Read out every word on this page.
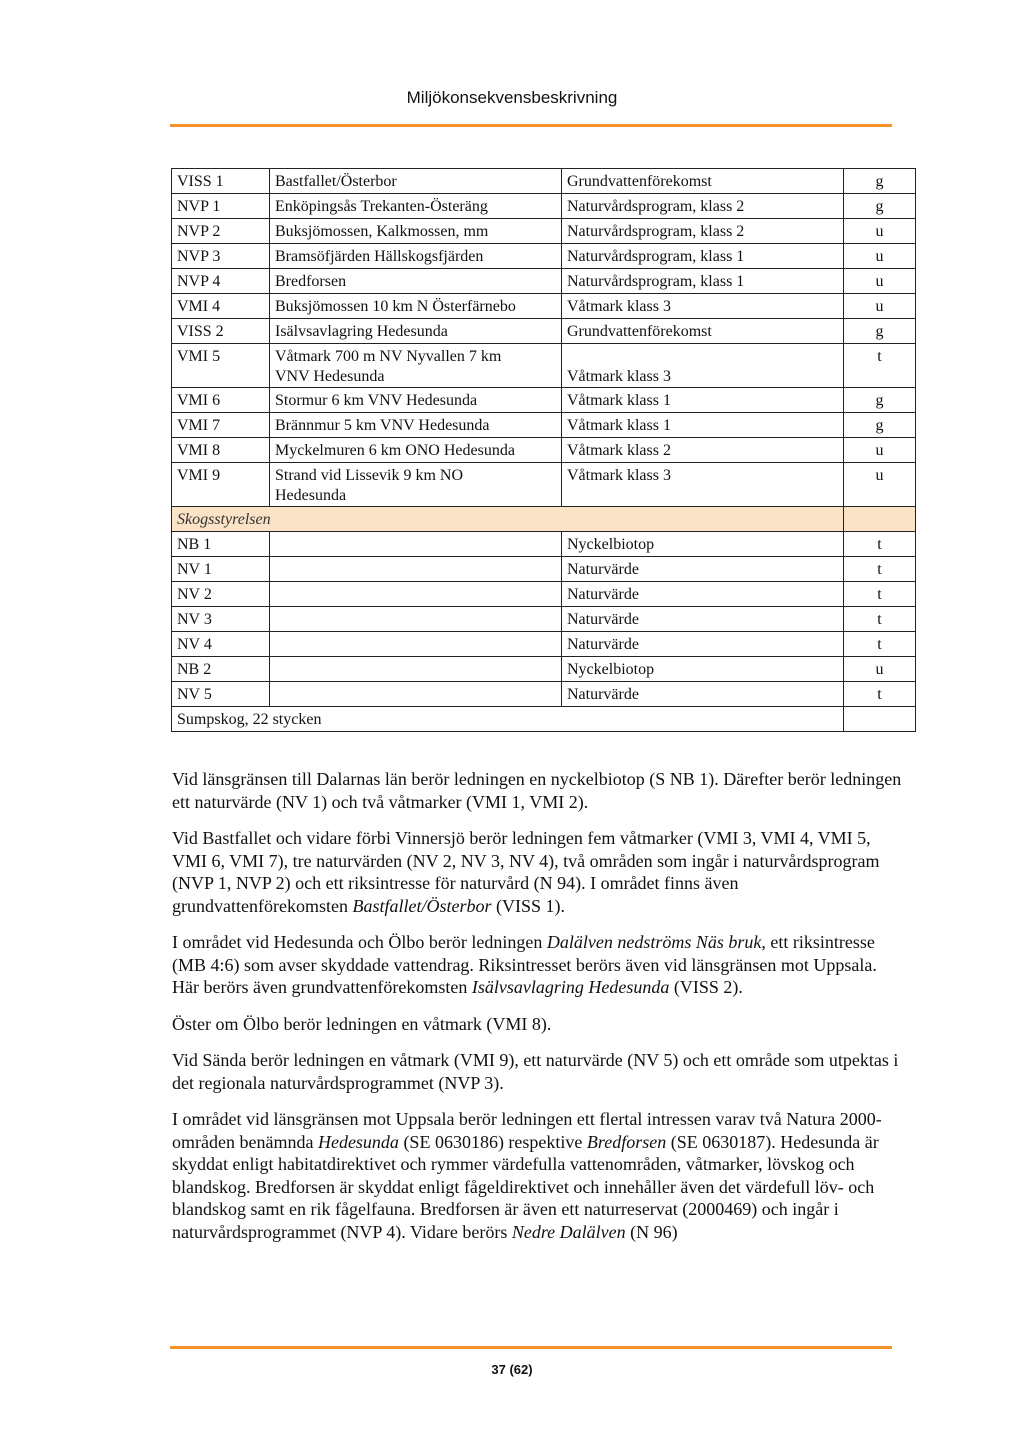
Miljökonsekvensbeskrivning
VISS 1	Bastfallet/Österbor	Grundvattenförekomst	g

NVP 1	Enköpingsås Trekanten-Österäng	Naturvårdsprogram, klass 2	g

NVP 2	Buksjömossen, Kalkmossen, mm	Naturvårdsprogram, klass 2	u

NVP 3	Bramsöfjärden Hällskogsfjärden	Naturvårdsprogram, klass 1	u

NVP 4	Bredforsen	Naturvårdsprogram, klass 1	u

VMI 4	Buksjömossen 10 km N Österfärnebo	Våtmark klass 3	u

VISS 2	Isälvsavlagring Hedesunda	Grundvattenförekomst	g

VMI 5	Våtmark 700 m NV Nyvallen 7 km
VNV Hedesunda	Våtmark klass 3	t

VMI 6	Stormur 6 km VNV Hedesunda	Våtmark klass 1	g

VMI 7	Brännmur 5 km VNV Hedesunda	Våtmark klass 1	g

VMI 8	Myckelmuren 6 km ONO Hedesunda	Våtmark klass 2	u

VMI 9	Strand vid Lissevik 9 km NO
Hedesunda	Våtmark klass 3	u

Skogsstyrelsen			

NB 1		Nyckelbiotop	t

NV 1		Naturvärde	t

NV 2		Naturvärde	t

NV 3		Naturvärde	t

NV 4		Naturvärde	t

NB 2		Nyckelbiotop	u

NV 5		Naturvärde	t

Sumpskog, 22 stycken			

Vid länsgränsen till Dalarnas län berör ledningen en nyckelbiotop (S NB 1). Därefter berör ledningen ett naturvärde (NV 1) och två våtmarker (VMI 1, VMI 2).

Vid Bastfallet och vidare förbi Vinnersjö berör ledningen fem våtmarker (VMI 3, VMI 4, VMI 5, VMI 6, VMI 7), tre naturvärden (NV 2, NV 3, NV 4), två områden som ingår i naturvårdsprogram (NVP 1, NVP 2) och ett riksintresse för naturvård (N 94). I området finns även grundvattenförekomsten Bastfallet/Österbor (VISS 1).

I området vid Hedesunda och Ölbo berör ledningen Dalälven nedströms Näs bruk, ett riksintresse (MB 4:6) som avser skyddade vattendrag. Riksintresset berörs även vid länsgränsen mot Uppsala. Här berörs även grundvattenförekomsten Isälvsavlagring Hedesunda (VISS 2).

Öster om Ölbo berör ledningen en våtmark (VMI 8).

Vid Sända berör ledningen en våtmark (VMI 9), ett naturvärde (NV 5) och ett område som utpektas i det regionala naturvårdsprogrammet (NVP 3).

I området vid länsgränsen mot Uppsala berör ledningen ett flertal intressen varav två Natura 2000-områden benämnda Hedesunda (SE 0630186) respektive Bredforsen (SE 0630187). Hedesunda är skyddat enligt habitatdirektivet och rymmer värdefulla vattenområden, våtmarker, lövskog och blandskog. Bredforsen är skyddat enligt fågeldirektivet och innehåller även det värdefull löv- och blandskog samt en rik fågelfauna. Bredforsen är även ett naturreservat (2000469) och ingår i naturvårdsprogrammet (NVP 4). Vidare berörs Nedre Dalälven (N 96)

37 (62)
